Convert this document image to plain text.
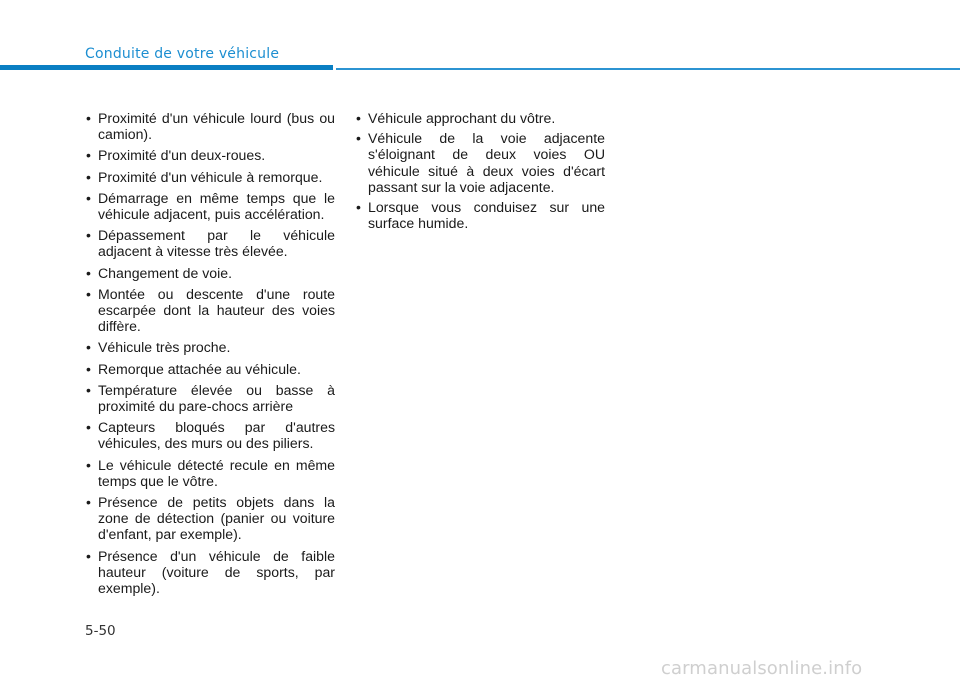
Conduite de votre véhicule
• Proximité d'un véhicule lourd (bus ou camion).
• Proximité d'un deux-roues.
• Proximité d'un véhicule à remorque.
• Démarrage en même temps que le véhicule adjacent, puis accélération.
• Dépassement par le véhicule adjacent à vitesse très élevée.
• Changement de voie.
• Montée ou descente d'une route escarpée dont la hauteur des voies diffère.
• Véhicule très proche.
• Remorque attachée au véhicule.
• Température élevée ou basse à proximité du pare-chocs arrière
• Capteurs bloqués par d'autres véhicules, des murs ou des piliers.
• Le véhicule détecté recule en même temps que le vôtre.
• Présence de petits objets dans la zone de détection (panier ou voiture d'enfant, par exemple).
• Présence d'un véhicule de faible hauteur (voiture de sports, par exemple).
• Véhicule approchant du vôtre.
• Véhicule de la voie adjacente s'éloignant de deux voies OU véhicule situé à deux voies d'écart passant sur la voie adjacente.
• Lorsque vous conduisez sur une surface humide.
5-50
carmanualsonline.info
